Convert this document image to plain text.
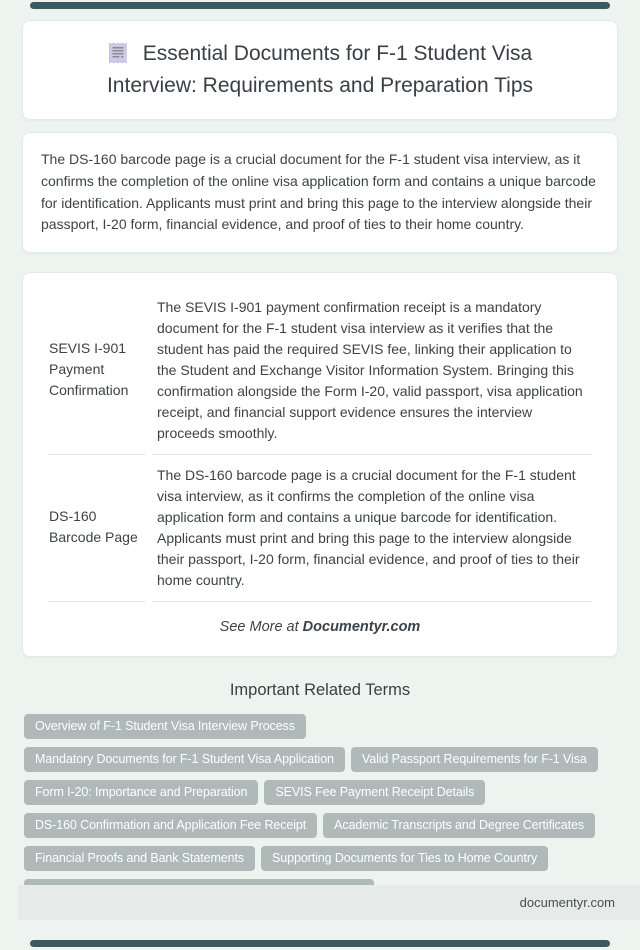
Essential Documents for F-1 Student Visa
Interview: Requirements and Preparation Tips
The DS-160 barcode page is a crucial document for the F-1 student visa interview, as it confirms the completion of the online visa application form and contains a unique barcode for identification. Applicants must print and bring this page to the interview alongside their passport, I-20 form, financial evidence, and proof of ties to their home country.
SEVIS I-901 Payment Confirmation	The SEVIS I-901 payment confirmation receipt is a mandatory document for the F-1 student visa interview as it verifies that the student has paid the required SEVIS fee, linking their application to the Student and Exchange Visitor Information System. Bringing this confirmation alongside the Form I-20, valid passport, visa application receipt, and financial support evidence ensures the interview proceeds smoothly.
DS-160 Barcode Page	The DS-160 barcode page is a crucial document for the F-1 student visa interview, as it confirms the completion of the online visa application form and contains a unique barcode for identification. Applicants must print and bring this page to the interview alongside their passport, I-20 form, financial evidence, and proof of ties to their home country.
See More at Documentyr.com
Important Related Terms
Overview of F-1 Student Visa Interview Process
Mandatory Documents for F-1 Student Visa Application	Valid Passport Requirements for F-1 Visa
Form I-20: Importance and Preparation	SEVIS Fee Payment Receipt Details
DS-160 Confirmation and Application Fee Receipt	Academic Transcripts and Degree Certificates
Financial Proofs and Bank Statements	Supporting Documents for Ties to Home Country
documentyr.com
